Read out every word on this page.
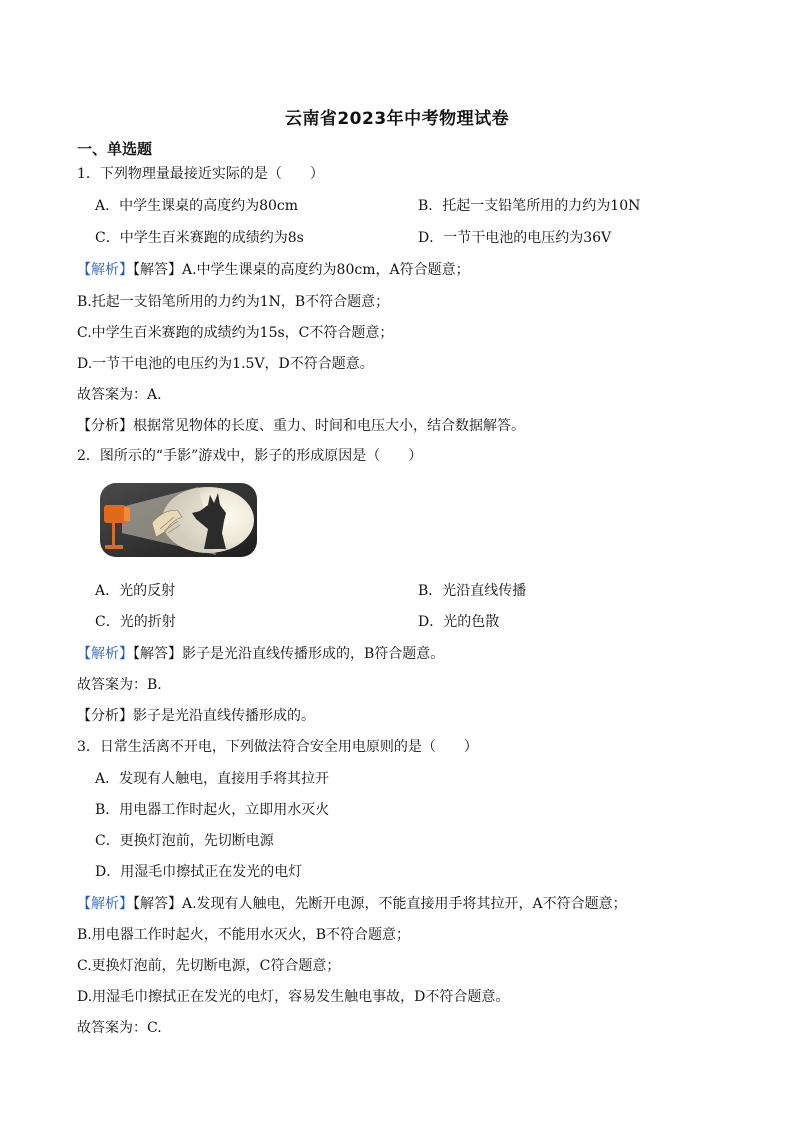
云南省2023年中考物理试卷
一、单选题
1．下列物理量最接近实际的是（　　）
A．中学生课桌的高度约为80cm	B．托起一支铅笔所用的力约为10N
C．中学生百米赛跑的成绩约为8s	D．一节干电池的电压约为36V
【解析】【解答】A.中学生课桌的高度约为80cm，A符合题意；
B.托起一支铅笔所用的力约为1N，B不符合题意；
C.中学生百米赛跑的成绩约为15s，C不符合题意；
D.一节干电池的电压约为1.5V，D不符合题意。
故答案为：A.
【分析】根据常见物体的长度、重力、时间和电压大小，结合数据解答。
2．图所示的“手影”游戏中，影子的形成原因是（　　）
A．光的反射	B．光沿直线传播
C．光的折射	D．光的色散
【解析】【解答】影子是光沿直线传播形成的，B符合题意。
故答案为：B.
【分析】影子是光沿直线传播形成的。
3．日常生活离不开电，下列做法符合安全用电原则的是（　　）
A．发现有人触电，直接用手将其拉开
B．用电器工作时起火，立即用水灭火
C．更换灯泡前，先切断电源
D．用湿毛巾擦拭正在发光的电灯
【解析】【解答】A.发现有人触电，先断开电源，不能直接用手将其拉开，A不符合题意；
B.用电器工作时起火，不能用水灭火，B不符合题意；
C.更换灯泡前，先切断电源，C符合题意；
D.用湿毛巾擦拭正在发光的电灯，容易发生触电事故，D不符合题意。
故答案为：C.
